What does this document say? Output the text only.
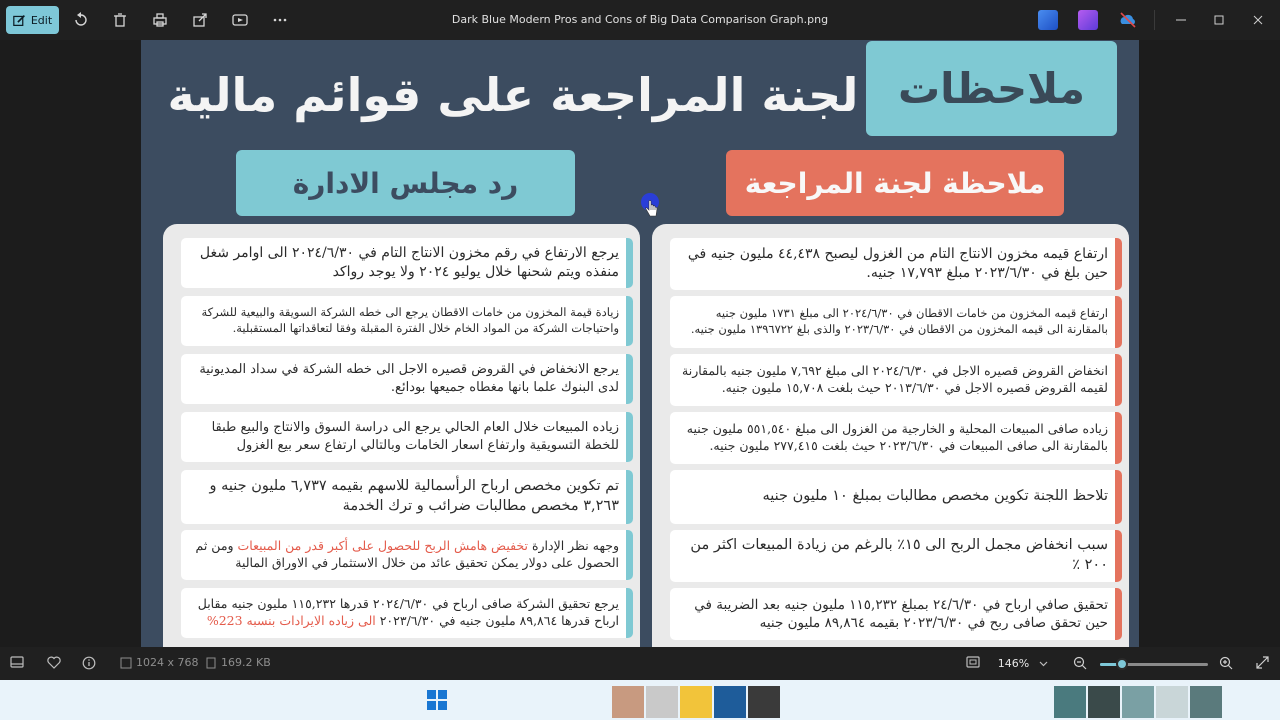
Edit	Dark Blue Modern Pros and Cons of Big Data Comparison Graph.png
لجنة المراجعة على قوائم مالية ملاحظات
رد مجلس الادارة	ملاحظة لجنة المراجعة
يرجع الارتفاع في رقم مخزون الانتاج التام في ٢٠٢٤/٦/٣٠ الى اوامر شغل منفذه ويتم شحنها خلال يوليو ٢٠٢٤ ولا يوجد رواكد
زيادة قيمة المخزون من خامات الاقطان يرجع الى خطه الشركة السويقة والبيعية للشركة واحتياجات الشركة من المواد الخام خلال الفترة المقبلة وفقا لتعاقداتها المستقبلية.
يرجع الانخفاض في القروض قصيره الاجل الى خطه الشركة في سداد المديونية لدى البنوك علما بانها مغطاه جميعها بودائع.
زياده المبيعات خلال العام الحالي يرجع الى دراسة السوق والانتاج والبيع طبقا للخطة التسويقية وارتفاع اسعار الخامات وبالتالي ارتفاع سعر بيع الغزول
تم تكوين مخصص ارباح الرأسمالية للاسهم بقيمه ٦,٧٣٧ مليون جنيه و ٣,٢٦٣ مخصص مطالبات ضرائب و ترك الخدمة
وجهه نظر الإدارة تخفيض هامش الربح للحصول على أكبر قدر من المبيعات ومن ثم الحصول على دولار يمكن تحقيق عائد من خلال الاستثمار في الاوراق المالية
يرجع تحقيق الشركة صافى ارباح في ٢٠٢٤/٦/٣٠ قدرها ١١٥,٢٣٢ مليون جنيه مقابل ارباح قدرها ٨٩,٨٦٤ مليون جنيه في ٢٠٢٣/٦/٣٠ الى زياده الايرادات بنسبه 223%
ارتفاع قيمه مخزون الانتاج التام من الغزول ليصبح ٤٤,٤٣٨ مليون جنيه في حين بلغ في ٢٠٢٣/٦/٣٠ مبلغ ١٧,٧٩٣ جنيه.
ارتفاع قيمه المخزون من خامات الاقطان في ٢٠٢٤/٦/٣٠ الى مبلغ ١٧٣١ مليون جنيه بالمقارنة الى قيمه المخزون من الاقطان في ٢٠٢٣/٦/٣٠ والذى بلغ ١٣٩٦٧٢٢ مليون جنيه.
انخفاض القروض قصيره الاجل في ٢٠٢٤/٦/٣٠ الى مبلغ ٧,٦٩٢ مليون جنيه بالمقارنة لقيمه القروض قصيره الاجل في ٢٠١٣/٦/٣٠ حيث بلغت ١٥,٧٠٨ مليون جنيه.
زياده صافى المبيعات المحلية و الخارجية من الغزول الى مبلغ ٥٥١,٥٤٠ مليون جنيه بالمقارنة الى صافى المبيعات في ٢٠٢٣/٦/٣٠ حيث بلغت ٢٧٧,٤١٥ مليون جنيه.
تلاحظ اللجنة تكوين مخصص مطالبات بمبلغ ١٠ مليون جنيه
سبب انخفاض مجمل الربح الى ١٥٪ بالرغم من زيادة المبيعات اكثر من ٢٠٠ ٪
تحقيق صافي ارباح في ٢٤/٦/٣٠ بمبلغ ١١٥,٢٣٢ مليون جنيه بعد الضريبة في حين تحقق صافى ربح في ٢٠٢٣/٦/٣٠ بقيمه ٨٩,٨٦٤ مليون جنيه
1024 x 768 169.2 KB	146%
